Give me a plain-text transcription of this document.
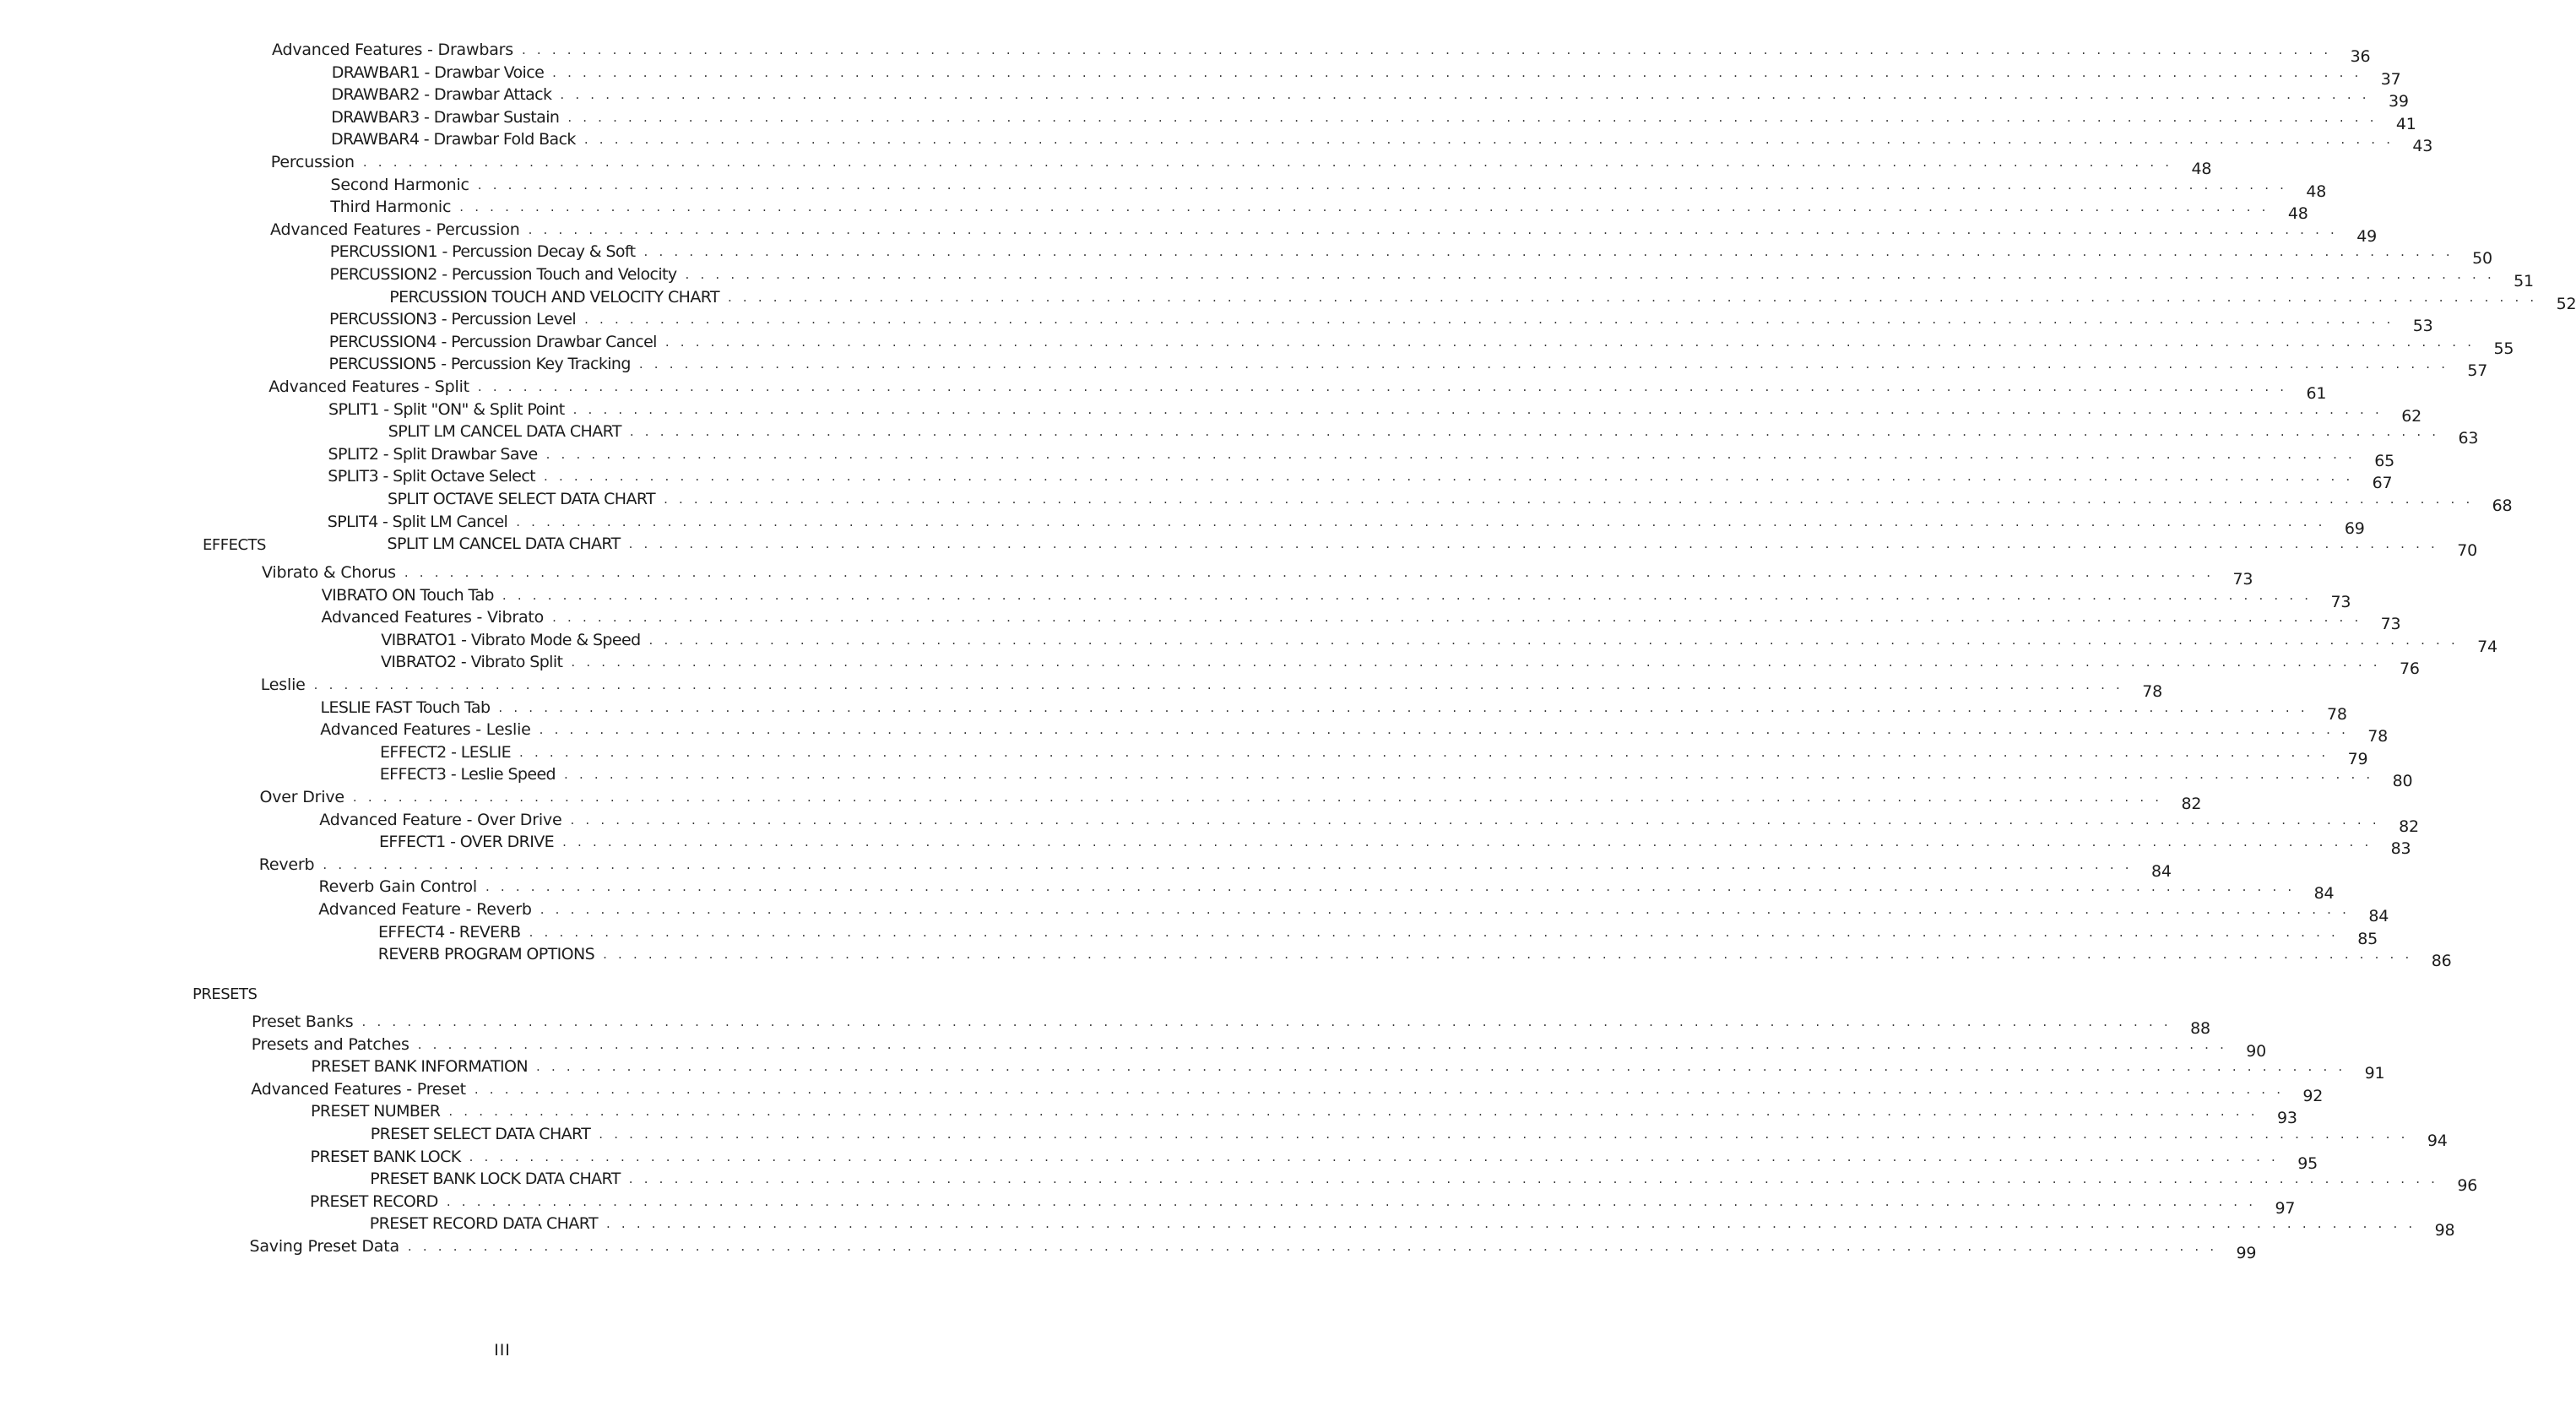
Advanced Features - Drawbars . . . . . . . . . . . . . . . . . . . . . . . . . . . . . . . . . . . . . . . . . . . . . . . . . . . . . . . . . . . . . . . . . . . . . . . . . . . . . . . . . . . . . . . . . . . . . . . . . . . . . . . . . . . . . . . . . . . . . . . .	36
DRAWBAR1 - Drawbar Voice . . . . . . . . . . . . . . . . . . . . . . . . . . . . . . . . . . . . . . . . . . . . . . . . . . . . . . . . . . . . . . . . . . . . . . . . . . . . . . . . . . . . . . . . . . . . . . . . . . . . . . . . . . . . . . . . . . . . . . . .	37
DRAWBAR2 - Drawbar Attack . . . . . . . . . . . . . . . . . . . . . . . . . . . . . . . . . . . . . . . . . . . . . . . . . . . . . . . . . . . . . . . . . . . . . . . . . . . . . . . . . . . . . . . . . . . . . . . . . . . . . . . . . . . . . . . . . . . . . . . .	39
DRAWBAR3 - Drawbar Sustain . . . . . . . . . . . . . . . . . . . . . . . . . . . . . . . . . . . . . . . . . . . . . . . . . . . . . . . . . . . . . . . . . . . . . . . . . . . . . . . . . . . . . . . . . . . . . . . . . . . . . . . . . . . . . . . . . . . . . . . .	41
DRAWBAR4 - Drawbar Fold Back . . . . . . . . . . . . . . . . . . . . . . . . . . . . . . . . . . . . . . . . . . . . . . . . . . . . . . . . . . . . . . . . . . . . . . . . . . . . . . . . . . . . . . . . . . . . . . . . . . . . . . . . . . . . . . . . . . . . . . . .	43
Percussion . . . . . . . . . . . . . . . . . . . . . . . . . . . . . . . . . . . . . . . . . . . . . . . . . . . . . . . . . . . . . . . . . . . . . . . . . . . . . . . . . . . . . . . . . . . . . . . . . . . . . . . . . . . . . . . . . . . . . . . .	48
Second Harmonic . . . . . . . . . . . . . . . . . . . . . . . . . . . . . . . . . . . . . . . . . . . . . . . . . . . . . . . . . . . . . . . . . . . . . . . . . . . . . . . . . . . . . . . . . . . . . . . . . . . . . . . . . . . . . . . . . . . . . . . .	48
Third Harmonic . . . . . . . . . . . . . . . . . . . . . . . . . . . . . . . . . . . . . . . . . . . . . . . . . . . . . . . . . . . . . . . . . . . . . . . . . . . . . . . . . . . . . . . . . . . . . . . . . . . . . . . . . . . . . . . . . . . . . . . .	48
Advanced Features - Percussion . . . . . . . . . . . . . . . . . . . . . . . . . . . . . . . . . . . . . . . . . . . . . . . . . . . . . . . . . . . . . . . . . . . . . . . . . . . . . . . . . . . . . . . . . . . . . . . . . . . . . . . . . . . . . . . . . . . . . . . .	49
PERCUSSION1 - Percussion Decay & Soft . . . . . . . . . . . . . . . . . . . . . . . . . . . . . . . . . . . . . . . . . . . . . . . . . . . . . . . . . . . . . . . . . . . . . . . . . . . . . . . . . . . . . . . . . . . . . . . . . . . . . . . . . . . . . . . . . . . . . . . .	50
PERCUSSION2 - Percussion Touch and Velocity . . . . . . . . . . . . . . . . . . . . . . . . . . . . . . . . . . . . . . . . . . . . . . . . . . . . . . . . . . . . . . . . . . . . . . . . . . . . . . . . . . . . . . . . . . . . . . . . . . . . . . . . . . . . . . . . . . . . . . . .	51
PERCUSSION TOUCH AND VELOCITY CHART . . . . . . . . . . . . . . . . . . . . . . . . . . . . . . . . . . . . . . . . . . . . . . . . . . . . . . . . . . . . . . . . . . . . . . . . . . . . . . . . . . . . . . . . . . . . . . . . . . . . . . . . . . . . . . . . . . . . . . . .	52
PERCUSSION3 - Percussion Level . . . . . . . . . . . . . . . . . . . . . . . . . . . . . . . . . . . . . . . . . . . . . . . . . . . . . . . . . . . . . . . . . . . . . . . . . . . . . . . . . . . . . . . . . . . . . . . . . . . . . . . . . . . . . . . . . . . . . . . .	53
PERCUSSION4 - Percussion Drawbar Cancel . . . . . . . . . . . . . . . . . . . . . . . . . . . . . . . . . . . . . . . . . . . . . . . . . . . . . . . . . . . . . . . . . . . . . . . . . . . . . . . . . . . . . . . . . . . . . . . . . . . . . . . . . . . . . . . . . . . . . . . .	55
PERCUSSION5 - Percussion Key Tracking . . . . . . . . . . . . . . . . . . . . . . . . . . . . . . . . . . . . . . . . . . . . . . . . . . . . . . . . . . . . . . . . . . . . . . . . . . . . . . . . . . . . . . . . . . . . . . . . . . . . . . . . . . . . . . . . . . . . . . . .	57
Advanced Features - Split . . . . . . . . . . . . . . . . . . . . . . . . . . . . . . . . . . . . . . . . . . . . . . . . . . . . . . . . . . . . . . . . . . . . . . . . . . . . . . . . . . . . . . . . . . . . . . . . . . . . . . . . . . . . . . . . . . . . . . . .	61
SPLIT1 - Split "ON" & Split Point . . . . . . . . . . . . . . . . . . . . . . . . . . . . . . . . . . . . . . . . . . . . . . . . . . . . . . . . . . . . . . . . . . . . . . . . . . . . . . . . . . . . . . . . . . . . . . . . . . . . . . . . . . . . . . . . . . . . . . . .	62
SPLIT LM CANCEL DATA CHART . . . . . . . . . . . . . . . . . . . . . . . . . . . . . . . . . . . . . . . . . . . . . . . . . . . . . . . . . . . . . . . . . . . . . . . . . . . . . . . . . . . . . . . . . . . . . . . . . . . . . . . . . . . . . . . . . . . . . . . .	63
SPLIT2 - Split Drawbar Save . . . . . . . . . . . . . . . . . . . . . . . . . . . . . . . . . . . . . . . . . . . . . . . . . . . . . . . . . . . . . . . . . . . . . . . . . . . . . . . . . . . . . . . . . . . . . . . . . . . . . . . . . . . . . . . . . . . . . . . .	65
SPLIT3 - Split Octave Select . . . . . . . . . . . . . . . . . . . . . . . . . . . . . . . . . . . . . . . . . . . . . . . . . . . . . . . . . . . . . . . . . . . . . . . . . . . . . . . . . . . . . . . . . . . . . . . . . . . . . . . . . . . . . . . . . . . . . . . .	67
SPLIT OCTAVE SELECT DATA CHART . . . . . . . . . . . . . . . . . . . . . . . . . . . . . . . . . . . . . . . . . . . . . . . . . . . . . . . . . . . . . . . . . . . . . . . . . . . . . . . . . . . . . . . . . . . . . . . . . . . . . . . . . . . . . . . . . . . . . . . .	68
SPLIT4 - Split LM Cancel . . . . . . . . . . . . . . . . . . . . . . . . . . . . . . . . . . . . . . . . . . . . . . . . . . . . . . . . . . . . . . . . . . . . . . . . . . . . . . . . . . . . . . . . . . . . . . . . . . . . . . . . . . . . . . . . . . . . . . . .	69
SPLIT LM CANCEL DATA CHART . . . . . . . . . . . . . . . . . . . . . . . . . . . . . . . . . . . . . . . . . . . . . . . . . . . . . . . . . . . . . . . . . . . . . . . . . . . . . . . . . . . . . . . . . . . . . . . . . . . . . . . . . . . . . . . . . . . . . . . .	70
EFFECTS
Vibrato & Chorus . . . . . . . . . . . . . . . . . . . . . . . . . . . . . . . . . . . . . . . . . . . . . . . . . . . . . . . . . . . . . . . . . . . . . . . . . . . . . . . . . . . . . . . . . . . . . . . . . . . . . . . . . . . . . . . . . . . . . . . .	73
VIBRATO ON Touch Tab . . . . . . . . . . . . . . . . . . . . . . . . . . . . . . . . . . . . . . . . . . . . . . . . . . . . . . . . . . . . . . . . . . . . . . . . . . . . . . . . . . . . . . . . . . . . . . . . . . . . . . . . . . . . . . . . . . . . . . . .	73
Advanced Features - Vibrato . . . . . . . . . . . . . . . . . . . . . . . . . . . . . . . . . . . . . . . . . . . . . . . . . . . . . . . . . . . . . . . . . . . . . . . . . . . . . . . . . . . . . . . . . . . . . . . . . . . . . . . . . . . . . . . . . . . . . . . .	73
VIBRATO1 - Vibrato Mode & Speed . . . . . . . . . . . . . . . . . . . . . . . . . . . . . . . . . . . . . . . . . . . . . . . . . . . . . . . . . . . . . . . . . . . . . . . . . . . . . . . . . . . . . . . . . . . . . . . . . . . . . . . . . . . . . . . . . . . . . . . .	74
VIBRATO2 - Vibrato Split . . . . . . . . . . . . . . . . . . . . . . . . . . . . . . . . . . . . . . . . . . . . . . . . . . . . . . . . . . . . . . . . . . . . . . . . . . . . . . . . . . . . . . . . . . . . . . . . . . . . . . . . . . . . . . . . . . . . . . . .	76
Leslie . . . . . . . . . . . . . . . . . . . . . . . . . . . . . . . . . . . . . . . . . . . . . . . . . . . . . . . . . . . . . . . . . . . . . . . . . . . . . . . . . . . . . . . . . . . . . . . . . . . . . . . . . . . . . . . . . . . . . . . .	78
LESLIE FAST Touch Tab . . . . . . . . . . . . . . . . . . . . . . . . . . . . . . . . . . . . . . . . . . . . . . . . . . . . . . . . . . . . . . . . . . . . . . . . . . . . . . . . . . . . . . . . . . . . . . . . . . . . . . . . . . . . . . . . . . . . . . . .	78
Advanced Features - Leslie . . . . . . . . . . . . . . . . . . . . . . . . . . . . . . . . . . . . . . . . . . . . . . . . . . . . . . . . . . . . . . . . . . . . . . . . . . . . . . . . . . . . . . . . . . . . . . . . . . . . . . . . . . . . . . . . . . . . . . . .	78
EFFECT2 - LESLIE . . . . . . . . . . . . . . . . . . . . . . . . . . . . . . . . . . . . . . . . . . . . . . . . . . . . . . . . . . . . . . . . . . . . . . . . . . . . . . . . . . . . . . . . . . . . . . . . . . . . . . . . . . . . . . . . . . . . . . . .	79
EFFECT3 - Leslie Speed . . . . . . . . . . . . . . . . . . . . . . . . . . . . . . . . . . . . . . . . . . . . . . . . . . . . . . . . . . . . . . . . . . . . . . . . . . . . . . . . . . . . . . . . . . . . . . . . . . . . . . . . . . . . . . . . . . . . . . . .	80
Over Drive . . . . . . . . . . . . . . . . . . . . . . . . . . . . . . . . . . . . . . . . . . . . . . . . . . . . . . . . . . . . . . . . . . . . . . . . . . . . . . . . . . . . . . . . . . . . . . . . . . . . . . . . . . . . . . . . . . . . . . . .	82
Advanced Feature - Over Drive . . . . . . . . . . . . . . . . . . . . . . . . . . . . . . . . . . . . . . . . . . . . . . . . . . . . . . . . . . . . . . . . . . . . . . . . . . . . . . . . . . . . . . . . . . . . . . . . . . . . . . . . . . . . . . . . . . . . . . . .	82
EFFECT1 - OVER DRIVE . . . . . . . . . . . . . . . . . . . . . . . . . . . . . . . . . . . . . . . . . . . . . . . . . . . . . . . . . . . . . . . . . . . . . . . . . . . . . . . . . . . . . . . . . . . . . . . . . . . . . . . . . . . . . . . . . . . . . . . .	83
Reverb . . . . . . . . . . . . . . . . . . . . . . . . . . . . . . . . . . . . . . . . . . . . . . . . . . . . . . . . . . . . . . . . . . . . . . . . . . . . . . . . . . . . . . . . . . . . . . . . . . . . . . . . . . . . . . . . . . . . . . . .	84
Reverb Gain Control . . . . . . . . . . . . . . . . . . . . . . . . . . . . . . . . . . . . . . . . . . . . . . . . . . . . . . . . . . . . . . . . . . . . . . . . . . . . . . . . . . . . . . . . . . . . . . . . . . . . . . . . . . . . . . . . . . . . . . . .	84
Advanced Feature - Reverb . . . . . . . . . . . . . . . . . . . . . . . . . . . . . . . . . . . . . . . . . . . . . . . . . . . . . . . . . . . . . . . . . . . . . . . . . . . . . . . . . . . . . . . . . . . . . . . . . . . . . . . . . . . . . . . . . . . . . . . .	84
EFFECT4 - REVERB . . . . . . . . . . . . . . . . . . . . . . . . . . . . . . . . . . . . . . . . . . . . . . . . . . . . . . . . . . . . . . . . . . . . . . . . . . . . . . . . . . . . . . . . . . . . . . . . . . . . . . . . . . . . . . . . . . . . . . . .	85
REVERB PROGRAM OPTIONS . . . . . . . . . . . . . . . . . . . . . . . . . . . . . . . . . . . . . . . . . . . . . . . . . . . . . . . . . . . . . . . . . . . . . . . . . . . . . . . . . . . . . . . . . . . . . . . . . . . . . . . . . . . . . . . . . . . . . . . .	86
PRESETS
Preset Banks . . . . . . . . . . . . . . . . . . . . . . . . . . . . . . . . . . . . . . . . . . . . . . . . . . . . . . . . . . . . . . . . . . . . . . . . . . . . . . . . . . . . . . . . . . . . . . . . . . . . . . . . . . . . . . . . . . . . . . . .	88
Presets and Patches . . . . . . . . . . . . . . . . . . . . . . . . . . . . . . . . . . . . . . . . . . . . . . . . . . . . . . . . . . . . . . . . . . . . . . . . . . . . . . . . . . . . . . . . . . . . . . . . . . . . . . . . . . . . . . . . . . . . . . . .	90
PRESET BANK INFORMATION . . . . . . . . . . . . . . . . . . . . . . . . . . . . . . . . . . . . . . . . . . . . . . . . . . . . . . . . . . . . . . . . . . . . . . . . . . . . . . . . . . . . . . . . . . . . . . . . . . . . . . . . . . . . . . . . . . . . . . . .	91
Advanced Features - Preset . . . . . . . . . . . . . . . . . . . . . . . . . . . . . . . . . . . . . . . . . . . . . . . . . . . . . . . . . . . . . . . . . . . . . . . . . . . . . . . . . . . . . . . . . . . . . . . . . . . . . . . . . . . . . . . . . . . . . . . .	92
PRESET NUMBER . . . . . . . . . . . . . . . . . . . . . . . . . . . . . . . . . . . . . . . . . . . . . . . . . . . . . . . . . . . . . . . . . . . . . . . . . . . . . . . . . . . . . . . . . . . . . . . . . . . . . . . . . . . . . . . . . . . . . . . .	93
PRESET SELECT DATA CHART . . . . . . . . . . . . . . . . . . . . . . . . . . . . . . . . . . . . . . . . . . . . . . . . . . . . . . . . . . . . . . . . . . . . . . . . . . . . . . . . . . . . . . . . . . . . . . . . . . . . . . . . . . . . . . . . . . . . . . . .	94
PRESET BANK LOCK . . . . . . . . . . . . . . . . . . . . . . . . . . . . . . . . . . . . . . . . . . . . . . . . . . . . . . . . . . . . . . . . . . . . . . . . . . . . . . . . . . . . . . . . . . . . . . . . . . . . . . . . . . . . . . . . . . . . . . . .	95
PRESET BANK LOCK DATA CHART . . . . . . . . . . . . . . . . . . . . . . . . . . . . . . . . . . . . . . . . . . . . . . . . . . . . . . . . . . . . . . . . . . . . . . . . . . . . . . . . . . . . . . . . . . . . . . . . . . . . . . . . . . . . . . . . . . . . . . . .	96
PRESET RECORD . . . . . . . . . . . . . . . . . . . . . . . . . . . . . . . . . . . . . . . . . . . . . . . . . . . . . . . . . . . . . . . . . . . . . . . . . . . . . . . . . . . . . . . . . . . . . . . . . . . . . . . . . . . . . . . . . . . . . . . .	97
PRESET RECORD DATA CHART . . . . . . . . . . . . . . . . . . . . . . . . . . . . . . . . . . . . . . . . . . . . . . . . . . . . . . . . . . . . . . . . . . . . . . . . . . . . . . . . . . . . . . . . . . . . . . . . . . . . . . . . . . . . . . . . . . . . . . . .	98
Saving Preset Data . . . . . . . . . . . . . . . . . . . . . . . . . . . . . . . . . . . . . . . . . . . . . . . . . . . . . . . . . . . . . . . . . . . . . . . . . . . . . . . . . . . . . . . . . . . . . . . . . . . . . . . . . . . . . . . . . . . . . . . .	99
III
